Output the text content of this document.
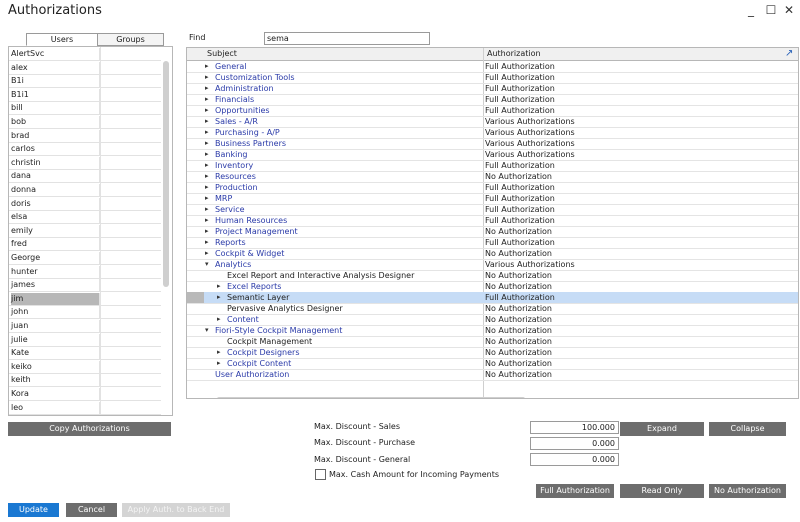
Authorizations	_ ☐ ✕
Users	Groups
AlertSvc
alex
B1i
B1i1
bill
bob
brad
carlos
christin
dana
donna
doris
elsa
emily
fred
George
hunter
james
jim
john
juan
julie
Kate
keiko
keith
Kora
leo
Find	sema
Subject	Authorization	↗
▸ General	Full Authorization
▸ Customization Tools	Full Authorization
▸ Administration	Full Authorization
▸ Financials	Full Authorization
▸ Opportunities	Full Authorization
▸ Sales - A/R	Various Authorizations
▸ Purchasing - A/P	Various Authorizations
▸ Business Partners	Various Authorizations
▸ Banking	Various Authorizations
▸ Inventory	Full Authorization
▸ Resources	No Authorization
▸ Production	Full Authorization
▸ MRP	Full Authorization
▸ Service	Full Authorization
▸ Human Resources	Full Authorization
▸ Project Management	No Authorization
▸ Reports	Full Authorization
▸ Cockpit & Widget	No Authorization
▾ Analytics	Various Authorizations
Excel Report and Interactive Analysis Designer	No Authorization
▸ Excel Reports	No Authorization
▸ Semantic Layer	Full Authorization
Pervasive Analytics Designer	No Authorization
▸ Content	No Authorization
▾ Fiori-Style Cockpit Management	No Authorization
Cockpit Management	No Authorization
▸ Cockpit Designers	No Authorization
▸ Cockpit Content	No Authorization
User Authorization	No Authorization
Copy Authorizations	Max. Discount - Sales	100.000
Max. Discount - Purchase	0.000
Max. Discount - General	0.000
Max. Cash Amount for Incoming Payments
Expand	Collapse
Full Authorization	Read Only	No Authorization
Update	Cancel	Apply Auth. to Back End
